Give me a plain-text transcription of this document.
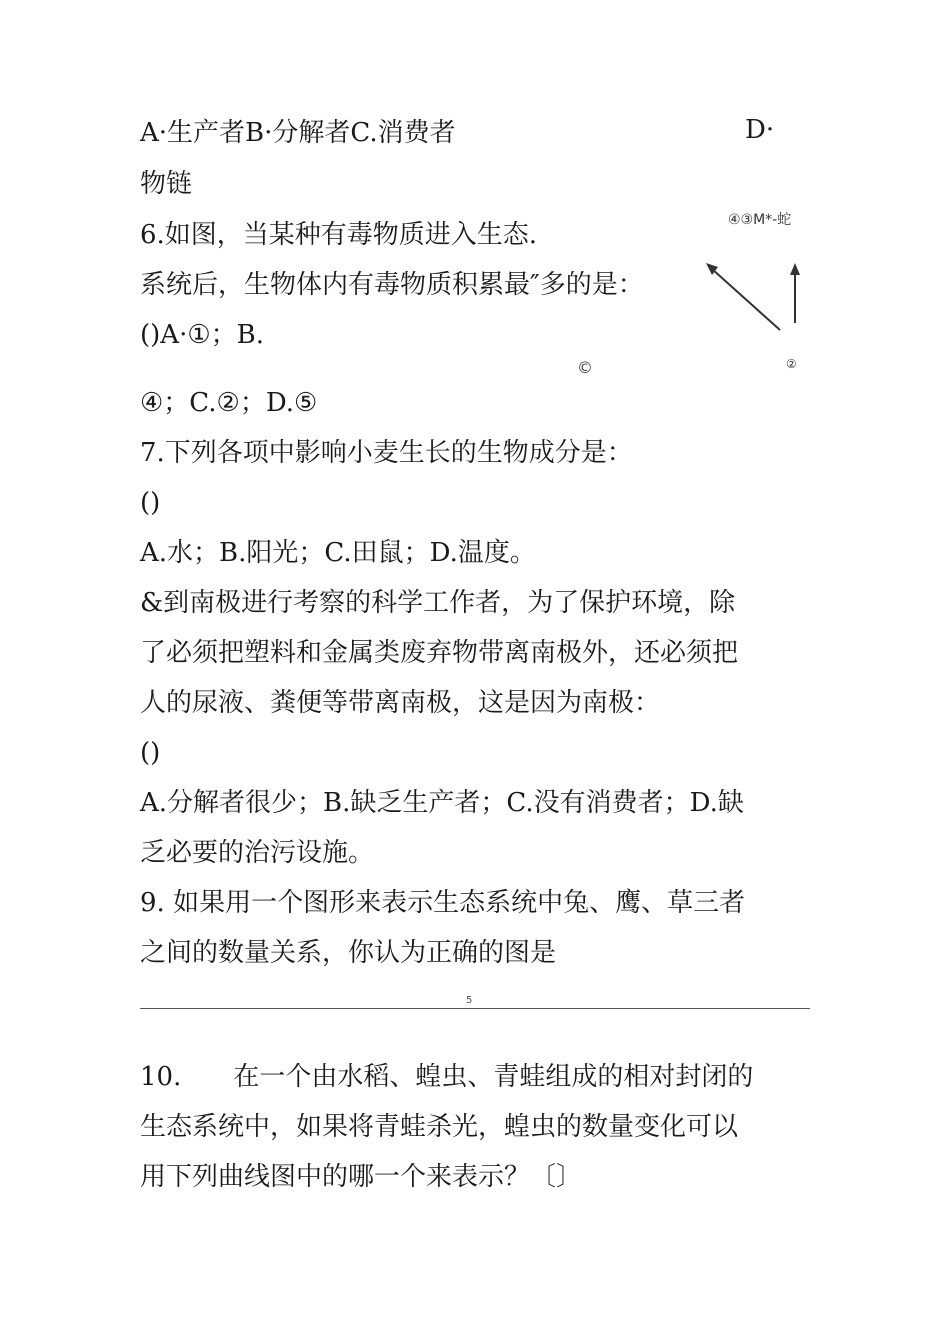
A·生产者B·分解者C.消费者	D·
物链
6.如图，当某种有毒物质进入生态.
系统后，生物体内有毒物质积累最″多的是：
()A·①；B.
④③M*-蛇
②
©
④；C.②；D.⑤
7.下列各项中影响小麦生长的生物成分是：
()
A.水；B.阳光；C.田鼠；D.温度。
&到南极进行考察的科学工作者，为了保护环境，除
了必须把塑料和金属类废弃物带离南极外，还必须把
人的尿液、粪便等带离南极，这是因为南极：
()
A.分解者很少；B.缺乏生产者；C.没有消费者；D.缺
乏必要的治污设施。
9. 如果用一个图形来表示生态系统中兔、鹰、草三者
之间的数量关系，你认为正确的图是
5
10.　　在一个由水稻、蝗虫、青蛙组成的相对封闭的
生态系统中，如果将青蛙杀光，蝗虫的数量变化可以
用下列曲线图中的哪一个来表示？〔〕
